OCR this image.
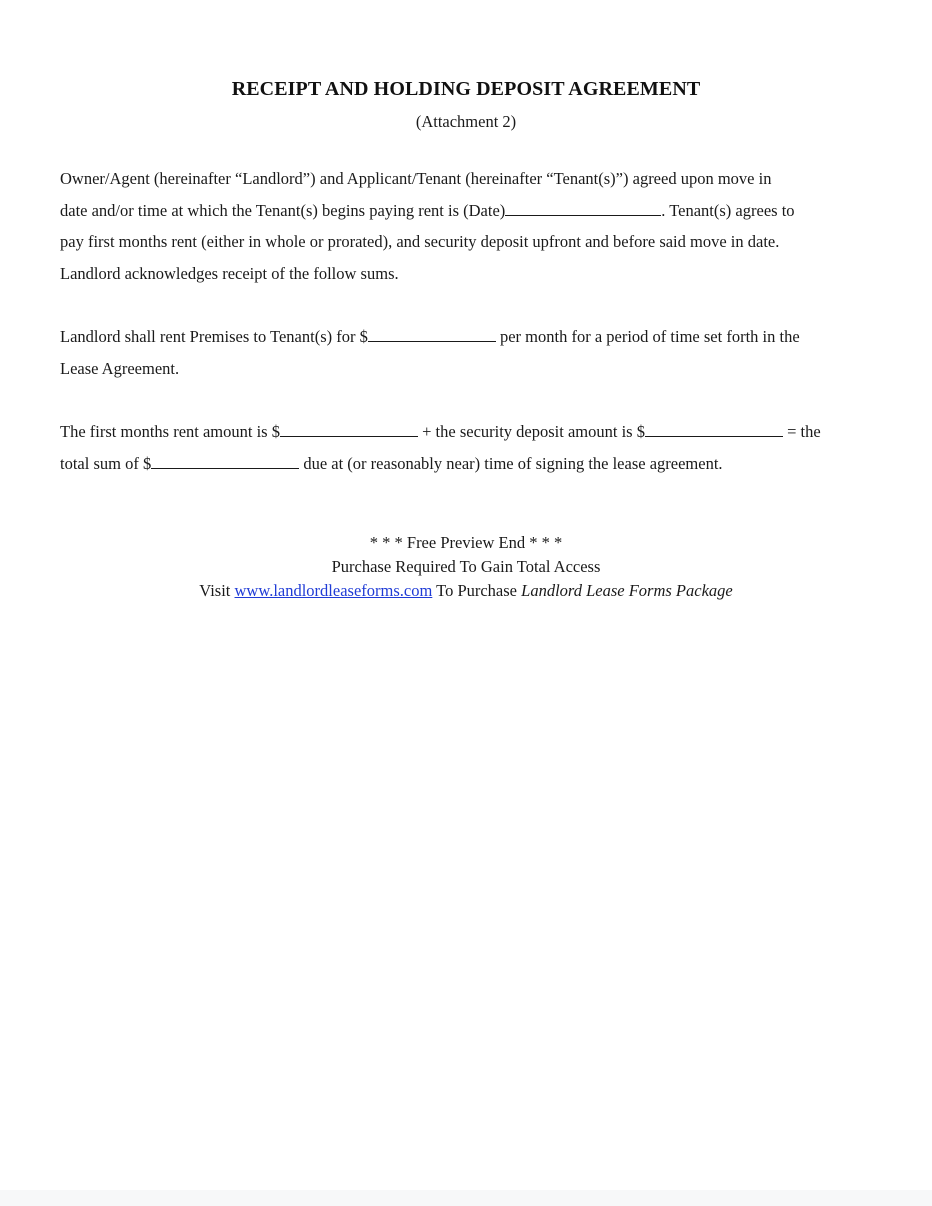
RECEIPT AND HOLDING DEPOSIT AGREEMENT
(Attachment 2)
Owner/Agent (hereinafter “Landlord”) and Applicant/Tenant (hereinafter “Tenant(s)”) agreed upon move in
date and/or time at which the Tenant(s) begins paying rent is (Date)	. Tenant(s) agrees to
pay first months rent (either in whole or prorated), and security deposit upfront and before said move in date.
Landlord acknowledges receipt of the follow sums.
Landlord shall rent Premises to Tenant(s) for $	per month for a period of time set forth in the
Lease Agreement.
The first months rent amount is $	+ the security deposit amount is $	= the
total sum of $	due at (or reasonably near) time of signing the lease agreement.
* * * Free Preview End * * *
Purchase Required To Gain Total Access
Visit www.landlordleaseforms.com To Purchase Landlord Lease Forms Package
